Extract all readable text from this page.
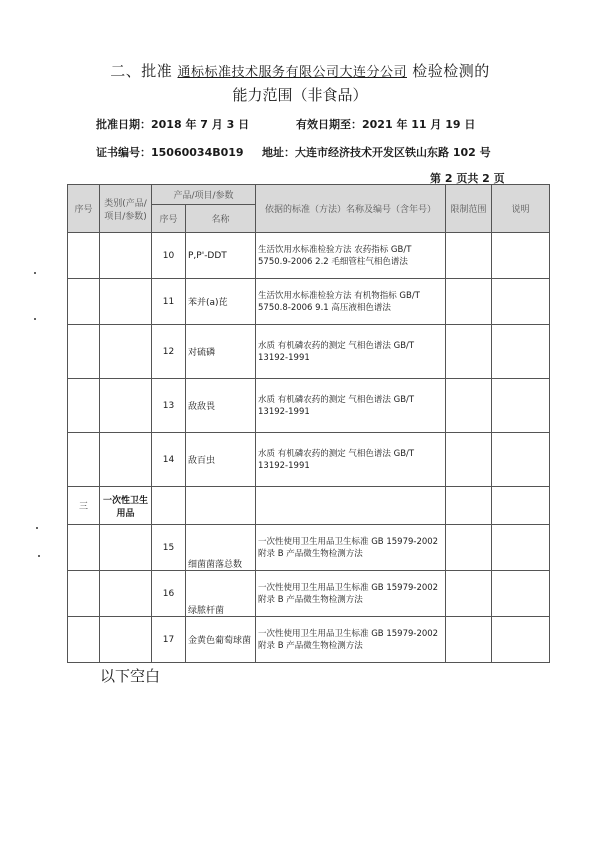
二、批准 通标标准技术服务有限公司大连分公司 检验检测的
能力范围（非食品）
批准日期：2018 年 7 月 3 日	有效日期至：2021 年 11 月 19 日
证书编号：15060034B019 地址：大连市经济技术开发区铁山东路 102 号
第 2 页共 2 页
序号	类别(产品/项目/参数)	产品/项目/参数		依据的标准（方法）名称及编号（含年号）	限制范围	说明
		序号	名称			
		10	P,P'-DDT	生活饮用水标准检验方法 农药指标 GB/T 5750.9-2006 2.2 毛细管柱气相色谱法		
		11	苯并(a)芘	生活饮用水标准检验方法 有机物指标 GB/T 5750.8-2006 9.1 高压液相色谱法		
		12	对硫磷	水质 有机磷农药的测定 气相色谱法 GB/T 13192-1991		
		13	敌敌畏	水质 有机磷农药的测定 气相色谱法 GB/T 13192-1991		
		14	敌百虫	水质 有机磷农药的测定 气相色谱法 GB/T 13192-1991		
三	一次性卫生用品					
		15	细菌菌落总数	一次性使用卫生用品卫生标准 GB 15979-2002 附录 B 产品微生物检测方法		
		16	绿脓杆菌	一次性使用卫生用品卫生标准 GB 15979-2002 附录 B 产品微生物检测方法		
		17	金黄色葡萄球菌	一次性使用卫生用品卫生标准 GB 15979-2002 附录 B 产品微生物检测方法		
以下空白
